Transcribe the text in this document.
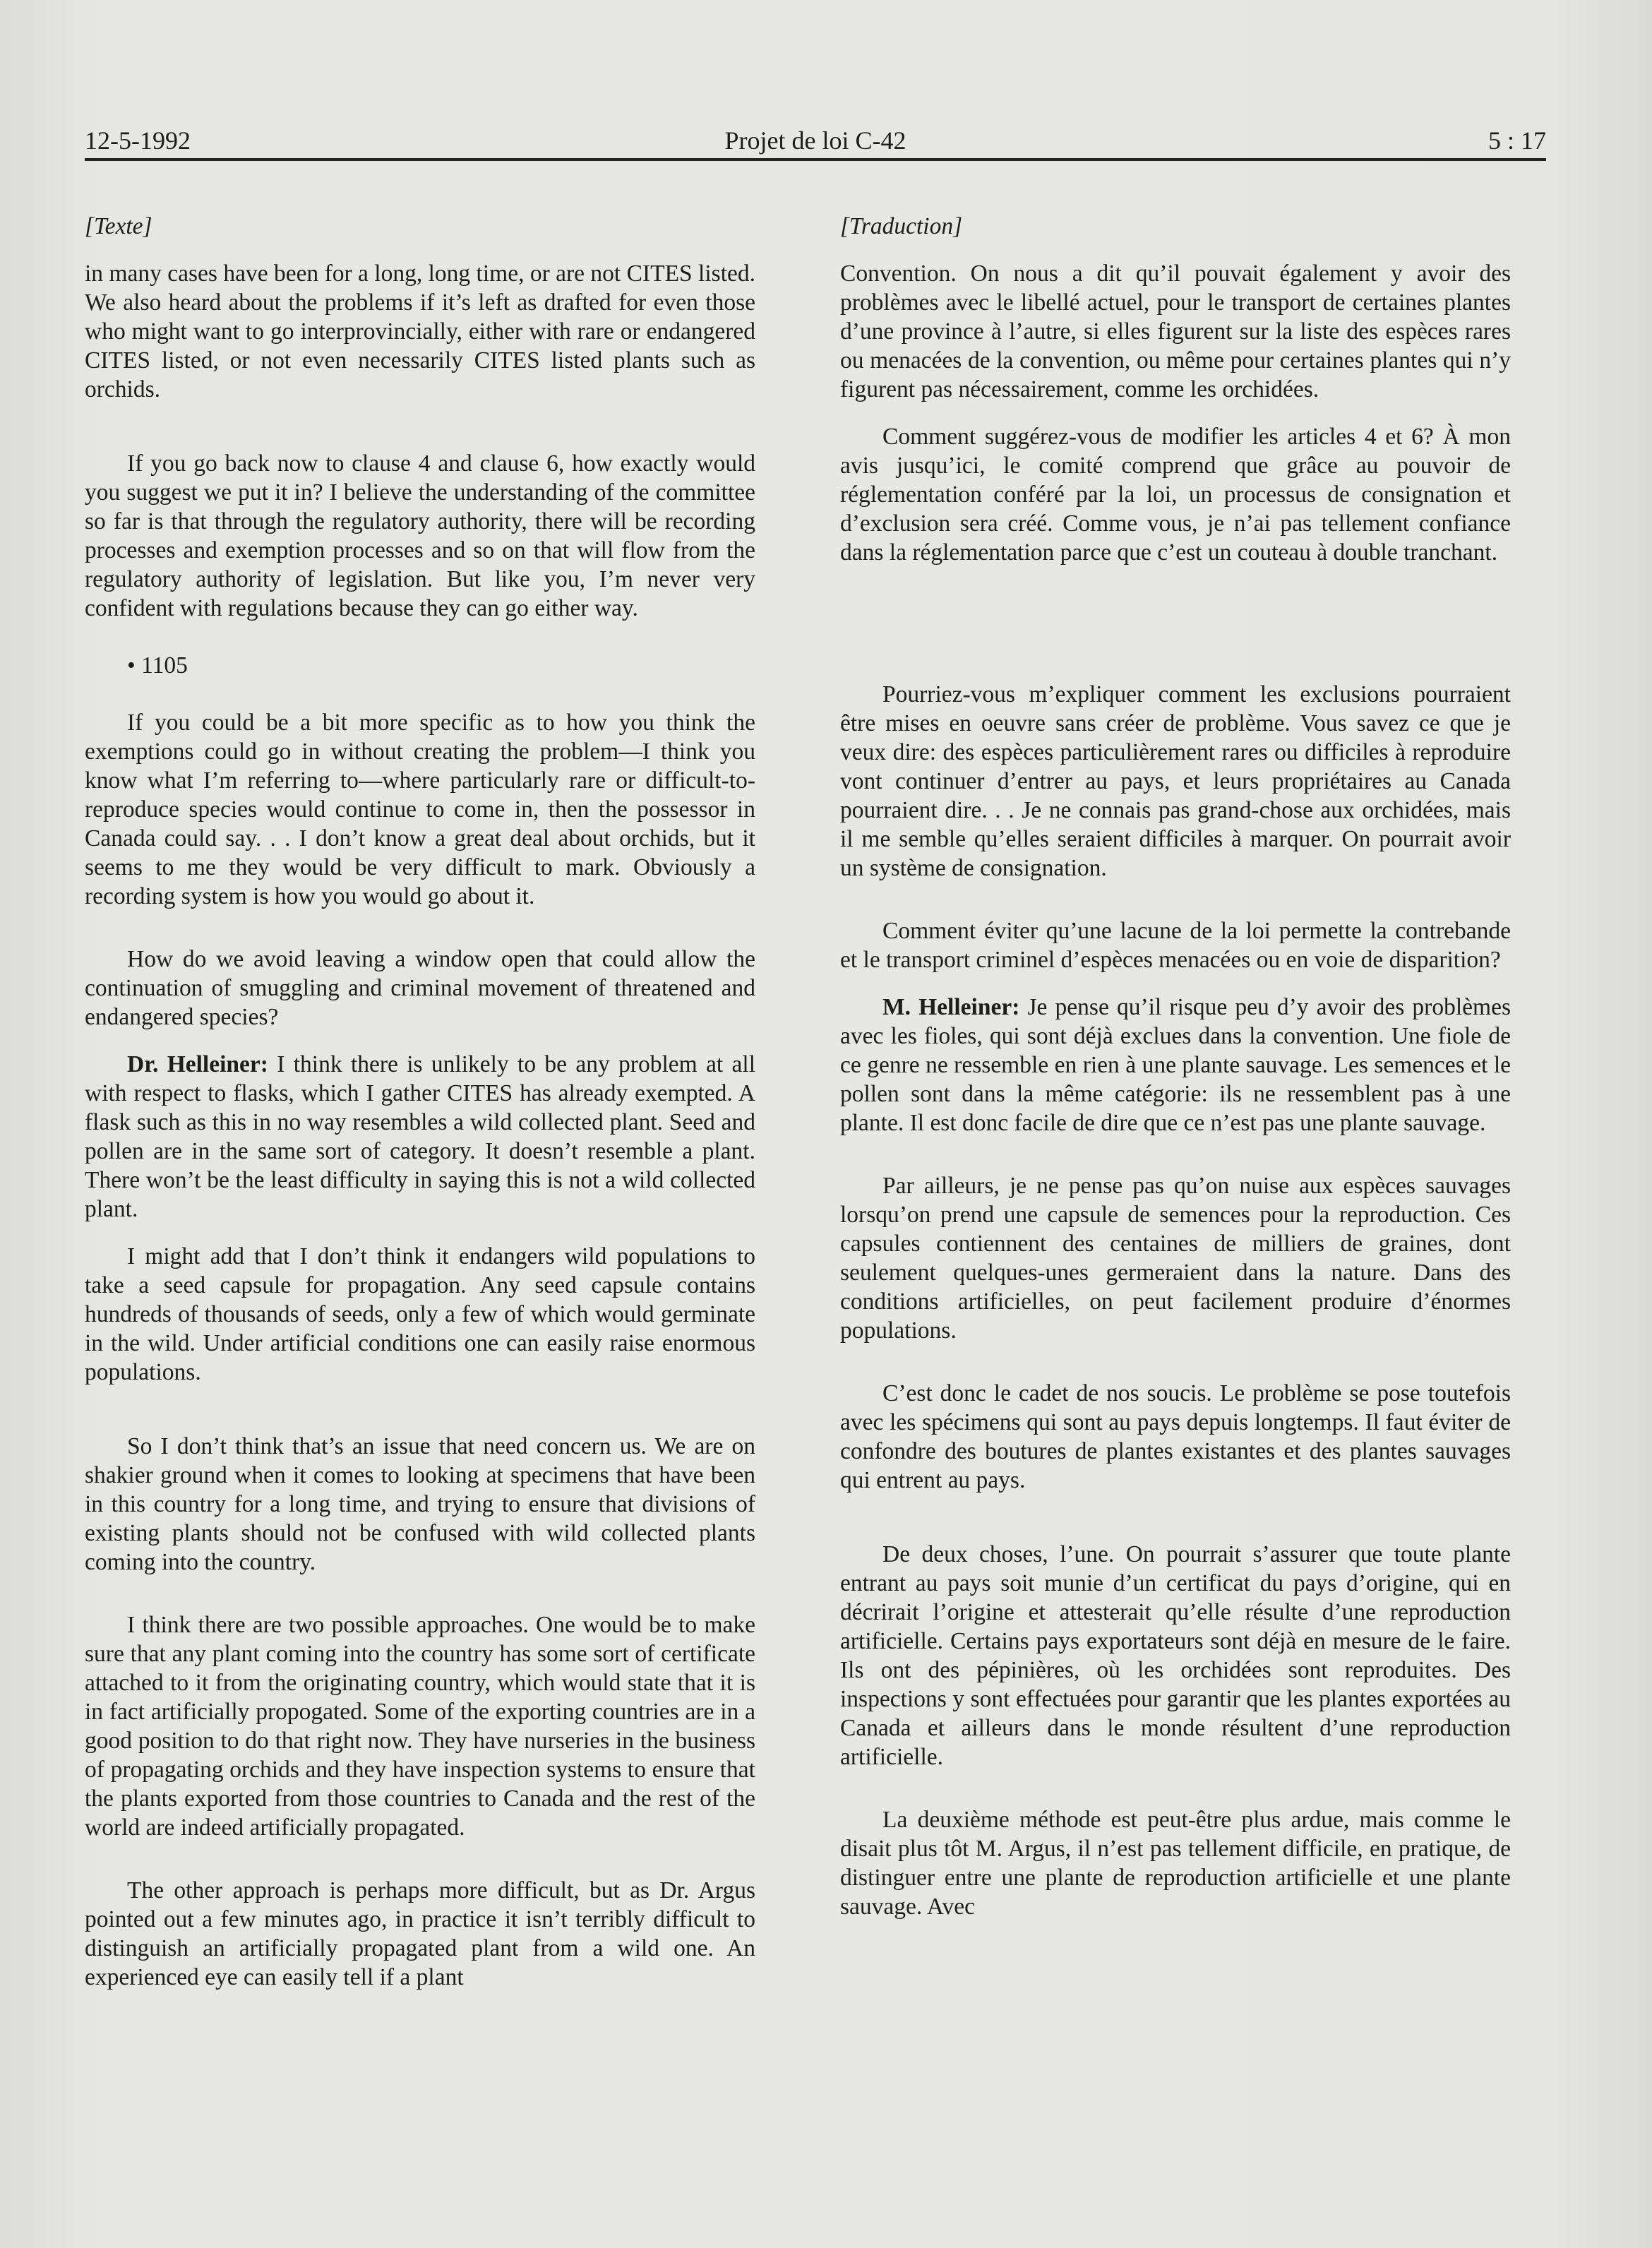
12-5-1992	Projet de loi C-42	5 : 17
[Texte]

in many cases have been for a long, long time, or are not CITES listed. We also heard about the problems if it’s left as drafted for even those who might want to go interprovincially, either with rare or endangered CITES listed, or not even necessarily CITES listed plants such as orchids.

If you go back now to clause 4 and clause 6, how exactly would you suggest we put it in? I believe the understanding of the committee so far is that through the regulatory authority, there will be recording processes and exemption processes and so on that will flow from the regulatory authority of legislation. But like you, I’m never very confident with regulations because they can go either way.

• 1105

If you could be a bit more specific as to how you think the exemptions could go in without creating the problem—I think you know what I’m referring to—where particularly rare or difficult-to-reproduce species would continue to come in, then the possessor in Canada could say. . . I don’t know a great deal about orchids, but it seems to me they would be very difficult to mark. Obviously a recording system is how you would go about it.

How do we avoid leaving a window open that could allow the continuation of smuggling and criminal movement of threatened and endangered species?

Dr. Helleiner: I think there is unlikely to be any problem at all with respect to flasks, which I gather CITES has already exempted. A flask such as this in no way resembles a wild collected plant. Seed and pollen are in the same sort of category. It doesn’t resemble a plant. There won’t be the least difficulty in saying this is not a wild collected plant.

I might add that I don’t think it endangers wild populations to take a seed capsule for propagation. Any seed capsule contains hundreds of thousands of seeds, only a few of which would germinate in the wild. Under artificial conditions one can easily raise enormous populations.

So I don’t think that’s an issue that need concern us. We are on shakier ground when it comes to looking at specimens that have been in this country for a long time, and trying to ensure that divisions of existing plants should not be confused with wild collected plants coming into the country.

I think there are two possible approaches. One would be to make sure that any plant coming into the country has some sort of certificate attached to it from the originating country, which would state that it is in fact artificially propogated. Some of the exporting countries are in a good position to do that right now. They have nurseries in the business of propagating orchids and they have inspection systems to ensure that the plants exported from those countries to Canada and the rest of the world are indeed artificially propagated.

The other approach is perhaps more difficult, but as Dr. Argus pointed out a few minutes ago, in practice it isn’t terribly difficult to distinguish an artificially propagated plant from a wild one. An experienced eye can easily tell if a plant

[Traduction]

Convention. On nous a dit qu’il pouvait également y avoir des problèmes avec le libellé actuel, pour le transport de certaines plantes d’une province à l’autre, si elles figurent sur la liste des espèces rares ou menacées de la convention, ou même pour certaines plantes qui n’y figurent pas nécessairement, comme les orchidées.

Comment suggérez-vous de modifier les articles 4 et 6? À mon avis jusqu’ici, le comité comprend que grâce au pouvoir de réglementation conféré par la loi, un processus de consignation et d’exclusion sera créé. Comme vous, je n’ai pas tellement confiance dans la réglementation parce que c’est un couteau à double tranchant.

Pourriez-vous m’expliquer comment les exclusions pourraient être mises en oeuvre sans créer de problème. Vous savez ce que je veux dire: des espèces particulièrement rares ou difficiles à reproduire vont continuer d’entrer au pays, et leurs propriétaires au Canada pourraient dire. . . Je ne connais pas grand-chose aux orchidées, mais il me semble qu’elles seraient difficiles à marquer. On pourrait avoir un système de consignation.

Comment éviter qu’une lacune de la loi permette la contrebande et le transport criminel d’espèces menacées ou en voie de disparition?

M. Helleiner: Je pense qu’il risque peu d’y avoir des problèmes avec les fioles, qui sont déjà exclues dans la convention. Une fiole de ce genre ne ressemble en rien à une plante sauvage. Les semences et le pollen sont dans la même catégorie: ils ne ressemblent pas à une plante. Il est donc facile de dire que ce n’est pas une plante sauvage.

Par ailleurs, je ne pense pas qu’on nuise aux espèces sauvages lorsqu’on prend une capsule de semences pour la reproduction. Ces capsules contiennent des centaines de milliers de graines, dont seulement quelques-unes germeraient dans la nature. Dans des conditions artificielles, on peut facilement produire d’énormes populations.

C’est donc le cadet de nos soucis. Le problème se pose toutefois avec les spécimens qui sont au pays depuis longtemps. Il faut éviter de confondre des boutures de plantes existantes et des plantes sauvages qui entrent au pays.

De deux choses, l’une. On pourrait s’assurer que toute plante entrant au pays soit munie d’un certificat du pays d’origine, qui en décrirait l’origine et attesterait qu’elle résulte d’une reproduction artificielle. Certains pays exportateurs sont déjà en mesure de le faire. Ils ont des pépinières, où les orchidées sont reproduites. Des inspections y sont effectuées pour garantir que les plantes exportées au Canada et ailleurs dans le monde résultent d’une reproduction artificielle.

La deuxième méthode est peut-être plus ardue, mais comme le disait plus tôt M. Argus, il n’est pas tellement difficile, en pratique, de distinguer entre une plante de reproduction artificielle et une plante sauvage. Avec
